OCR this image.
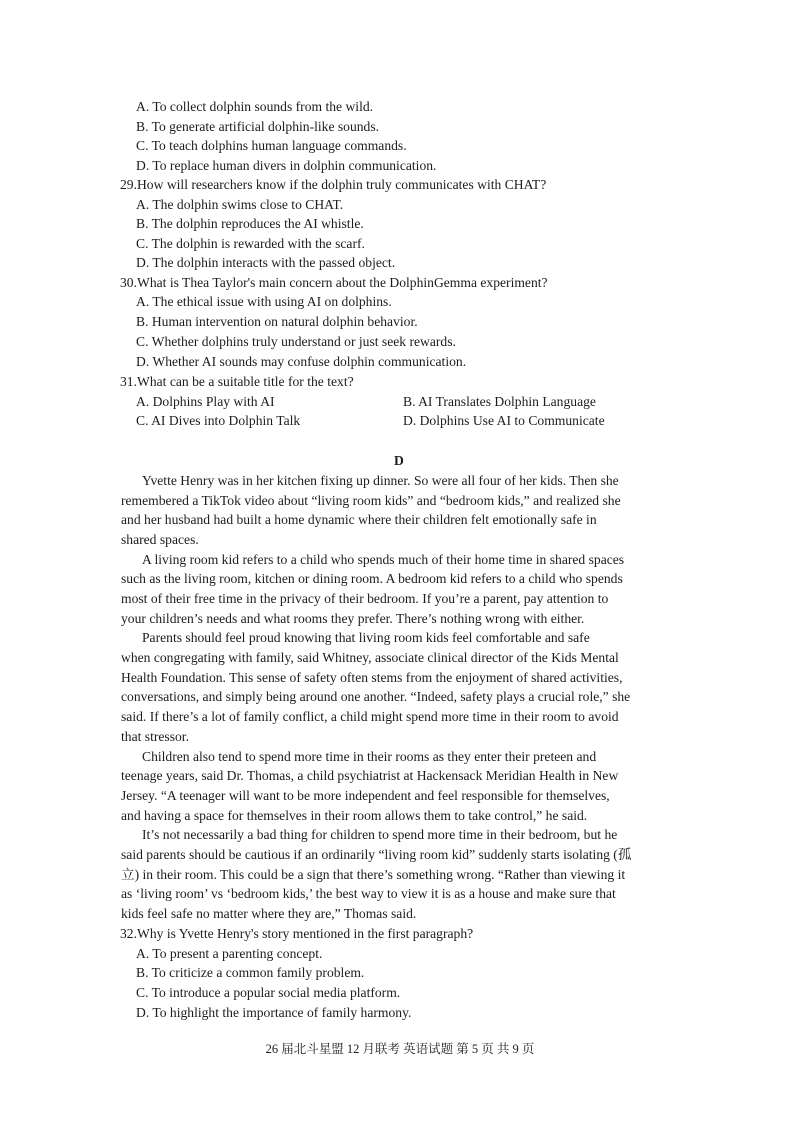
A. To collect dolphin sounds from the wild.
B. To generate artificial dolphin-like sounds.
C. To teach dolphins human language commands.
D. To replace human divers in dolphin communication.
29.How will researchers know if the dolphin truly communicates with CHAT?
A. The dolphin swims close to CHAT.
B. The dolphin reproduces the AI whistle.
C. The dolphin is rewarded with the scarf.
D. The dolphin interacts with the passed object.
30.What is Thea Taylor's main concern about the DolphinGemma experiment?
A. The ethical issue with using AI on dolphins.
B. Human intervention on natural dolphin behavior.
C. Whether dolphins truly understand or just seek rewards.
D. Whether AI sounds may confuse dolphin communication.
31.What can be a suitable title for the text?
A. Dolphins Play with AI	B. AI Translates Dolphin Language
C. AI Dives into Dolphin Talk	D. Dolphins Use AI to Communicate
D
Yvette Henry was in her kitchen fixing up dinner. So were all four of her kids. Then she
remembered a TikTok video about “living room kids” and “bedroom kids,” and realized she
and her husband had built a home dynamic where their children felt emotionally safe in
shared spaces.
A living room kid refers to a child who spends much of their home time in shared spaces
such as the living room, kitchen or dining room. A bedroom kid refers to a child who spends
most of their free time in the privacy of their bedroom. If you’re a parent, pay attention to
your children’s needs and what rooms they prefer. There’s nothing wrong with either.
Parents should feel proud knowing that living room kids feel comfortable and safe
when congregating with family, said Whitney, associate clinical director of the Kids Mental
Health Foundation. This sense of safety often stems from the enjoyment of shared activities,
conversations, and simply being around one another. “Indeed, safety plays a crucial role,” she
said. If there’s a lot of family conflict, a child might spend more time in their room to avoid
that stressor.
Children also tend to spend more time in their rooms as they enter their preteen and
teenage years, said Dr. Thomas, a child psychiatrist at Hackensack Meridian Health in New
Jersey. “A teenager will want to be more independent and feel responsible for themselves,
and having a space for themselves in their room allows them to take control,” he said.
It’s not necessarily a bad thing for children to spend more time in their bedroom, but he
said parents should be cautious if an ordinarily “living room kid” suddenly starts isolating (孤
立) in their room. This could be a sign that there’s something wrong. “Rather than viewing it
as ‘living room’ vs ‘bedroom kids,’ the best way to view it is as a house and make sure that
kids feel safe no matter where they are,” Thomas said.
32.Why is Yvette Henry's story mentioned in the first paragraph?
A. To present a parenting concept.
B. To criticize a common family problem.
C. To introduce a popular social media platform.
D. To highlight the importance of family harmony.
26 届北斗星盟 12 月联考 英语试题 第 5 页 共 9 页
